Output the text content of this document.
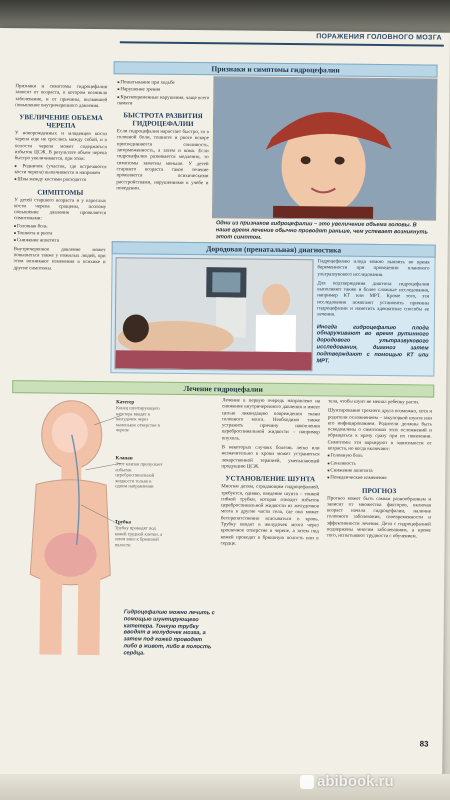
ПОРАЖЕНИЯ ГОЛОВНОГО МОЗГА
Признаки и симптомы гидроцефалии зависят от возраста, в котором возникло заболевание, и от причины, вызвавшей повышение внутричерепного давления.
УВЕЛИЧЕНИЕ ОБЪЕМА ЧЕРЕПА
У новорожденных и младенцев кости черепа еще не срослись между собой, и в полости черепа может содержаться избыток ЦСЖ. В результате объем черепа быстро увеличивается, при этом:
■ Родничок (участок, где встречаются кости черепа) выпячивается и напряжен
■ Швы между костями расходятся
СИМПТОМЫ
У детей старшего возраста и у взрослых кости черепа сращены, поэтому повышение давления проявляется симптомами:
■ Головная боль
■ Тошнота и рвота
■ Снижение аппетита
Внутричерепное давление может повышаться также у пожилых людей, при этом возникают изменения в психике и другие симптомы.
Признаки и симптомы гидроцефалии
■ Пошатывание при ходьбе
■ Нарушение зрения
■ Кратковременные нарушения, чаще всего памяти
БЫСТРОТА РАЗВИТИЯ ГИДРОЦЕФАЛИИ
Если гидроцефалия нарастает быстро, то в головной боли, тошноте и рвоте вскоре присоединяются сонливость, заторможенность, а затем и кома. Если гидроцефалия развивается медленно, то симптомы заметны меньше. У детей старшего возраста такое течение проявляется психическими расстройствами, нарушениями в учебе и поведении.
Одни из признаков гидроцефалии – это увеличение объема головы. В наше время лечение обычно проводят раньше, чем успевает возникнуть этот симптом.
Дородовая (пренатальная) диагностика
Гидроцефалию плода можно выявить во время беременности при проведении планового ультразвукового исследования.
Для подтверждения диагноза гидроцефалии выполняют также и более сложные исследования, например КТ или МРТ. Кроме того, эти исследования помогают установить причины гидроцефалии и наметить адекватные способы ее лечения.
Иногда гидроцефалию плода обнаруживают во время рутинного дородового ультразвукового исследования, диагноз затем подтверждают с помощью КТ или МРТ.
Лечение гидроцефалии
Катетер
Конец шунтирующего катетера вводят в желудочек через маленькое отверстие в черепе
Клапан
Этот клапан пропускает избыток цереброспинальной жидкости только в одном направлении
Трубка
Трубку проводят под кожей грудной клетки, а затем вниз к брюшной полости
Гидроцефалию можно лечить с помощью шунтирующего катетера. Тонкую трубку вводят в желудочек мозга, а затем под кожей проводят либо в живот, либо в полость сердца.
Лечение в первую очередь направлено на снижение внутричерепного давления и имеет целью ликвидацию повреждения ткани головного мозга. Необходимо также устранить причину накопления цереброспинальной жидкости – например опухоль.
В некоторых случаях болезнь легко или незначительно в крови может устраниться лекарственной терапией, уменьшающей продукцию ЦСЖ.
УСТАНОВЛЕНИЕ ШУНТА
Многим детям, страдающим гидроцефалией, требуется, однако, введение шунта – тонкой гибкой трубки, которая отводит избыток цереброспинальной жидкости из желудочков мозга в другие части тела, где она может беспрепятственно всасываться в кровь. Трубку вводят в желудочек мозга через крошечное отверстие в черепе, а затем под кожей проводят в брюшную полость или в сердце.
тела, чтобы шунт не мешал ребенку расти.
Шунтирование трехнего друга возможно, хотя и родители осложнением – закупоркой шунта или его инфицированием. Родители должны быть осведомлены о симптомах этих осложнений и обращаться к врачу сразу при их появлении. Симптомы эти варьируют в зависимости от возраста, но когда включают:
■ Головную боль
■ Сонливость
■ Снижение аппетита
■ Поведенческие изменения
ПРОГНОЗ
Прогноз может быть самым разнообразным и зависит от множества факторов, включая возраст начала гидроцефалии, наличие головного заболевания, своевременности и эффективности лечения. Дети с гидроцефалией подвержены многим заболеваниям, а кроме того, испытывают трудности с обучением.
83
abibook.ru
